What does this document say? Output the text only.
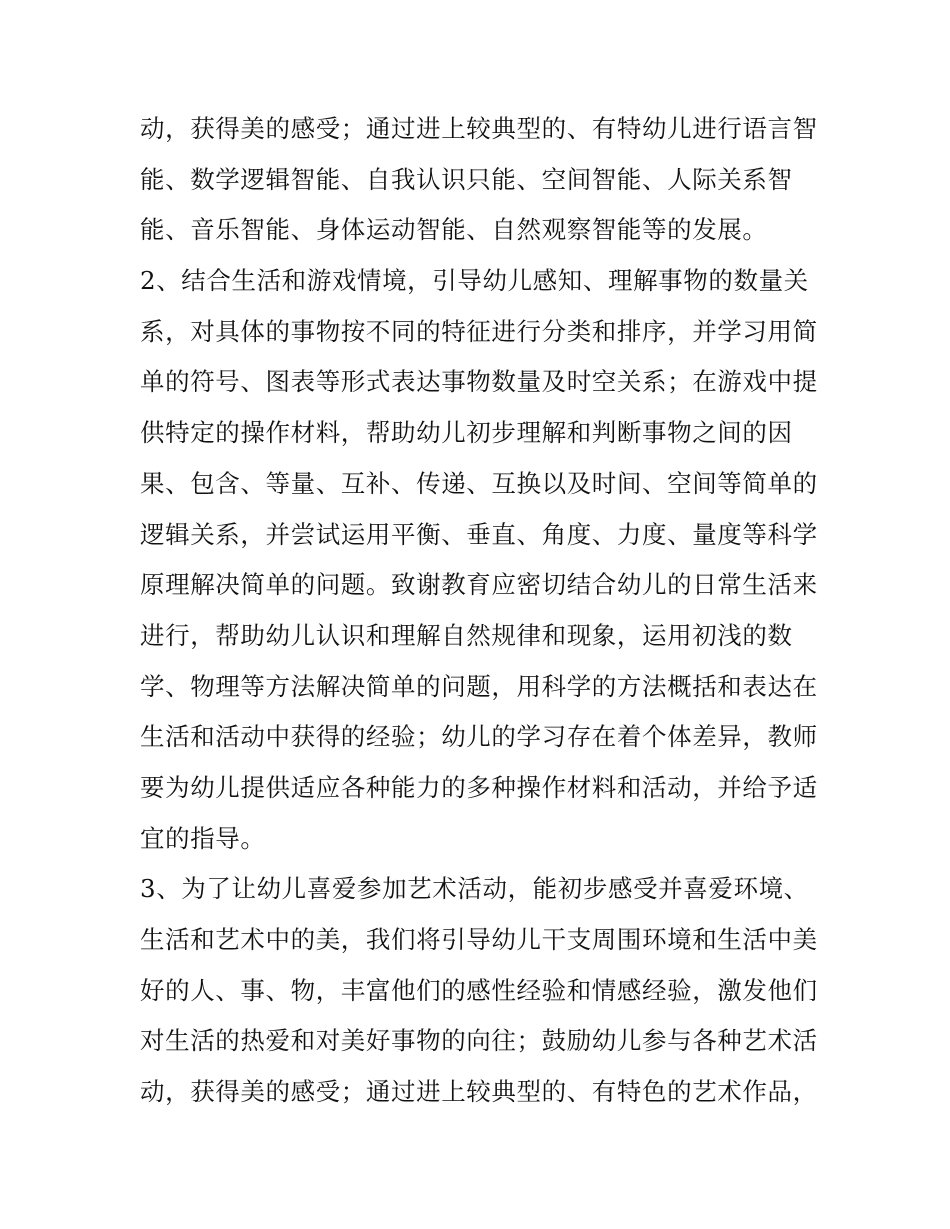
动，获得美的感受；通过进上较典型的、有特幼儿进行语言智
能、数学逻辑智能、自我认识只能、空间智能、人际关系智
能、音乐智能、身体运动智能、自然观察智能等的发展。
2、结合生活和游戏情境，引导幼儿感知、理解事物的数量关
系，对具体的事物按不同的特征进行分类和排序，并学习用简
单的符号、图表等形式表达事物数量及时空关系；在游戏中提
供特定的操作材料，帮助幼儿初步理解和判断事物之间的因
果、包含、等量、互补、传递、互换以及时间、空间等简单的
逻辑关系，并尝试运用平衡、垂直、角度、力度、量度等科学
原理解决简单的问题。致谢教育应密切结合幼儿的日常生活来
进行，帮助幼儿认识和理解自然规律和现象，运用初浅的数
学、物理等方法解决简单的问题，用科学的方法概括和表达在
生活和活动中获得的经验；幼儿的学习存在着个体差异，教师
要为幼儿提供适应各种能力的多种操作材料和活动，并给予适
宜的指导。
3、为了让幼儿喜爱参加艺术活动，能初步感受并喜爱环境、
生活和艺术中的美，我们将引导幼儿干支周围环境和生活中美
好的人、事、物，丰富他们的感性经验和情感经验，激发他们
对生活的热爱和对美好事物的向往；鼓励幼儿参与各种艺术活
动，获得美的感受；通过进上较典型的、有特色的艺术作品，
